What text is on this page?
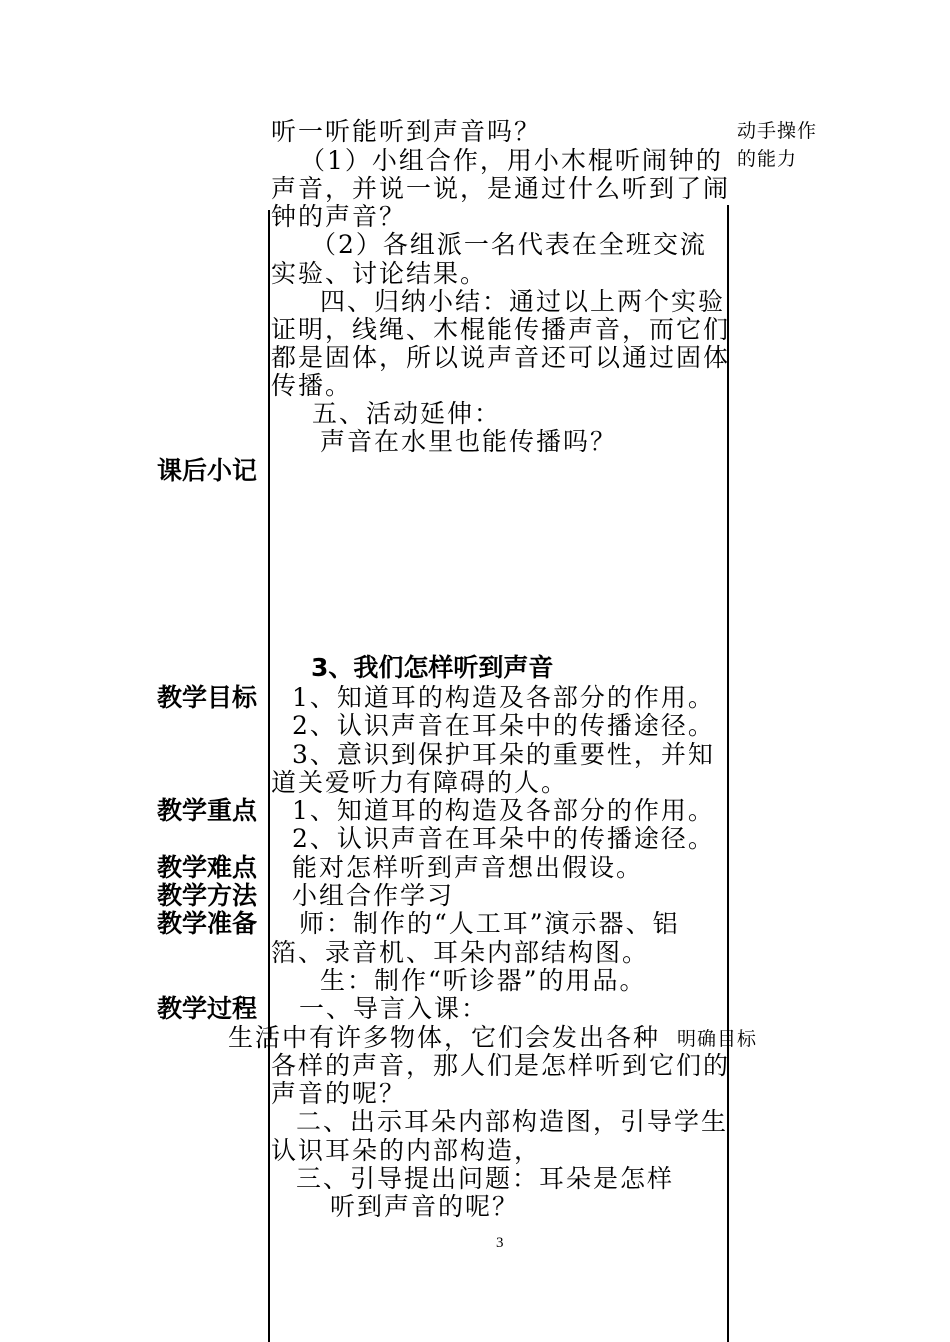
听一听能听到声音吗？
（1）小组合作，用小木棍听闹钟的
声音，并说一说，是通过什么听到了闹
钟的声音？
（2）各组派一名代表在全班交流
实验、讨论结果。
四、归纳小结：通过以上两个实验
证明，线绳、木棍能传播声音，而它们
都是固体，所以说声音还可以通过固体
传播。
五、活动延伸：
声音在水里也能传播吗？
动手操作
的能力
课后小记
3、我们怎样听到声音
教学目标 1、知道耳的构造及各部分的作用。
2、认识声音在耳朵中的传播途径。
3、意识到保护耳朵的重要性，并知
道关爱听力有障碍的人。
教学重点 1、知道耳的构造及各部分的作用。
2、认识声音在耳朵中的传播途径。
教学难点 能对怎样听到声音想出假设。
教学方法 小组合作学习
教学准备 师：制作的“人工耳”演示器、铝
箔、录音机、耳朵内部结构图。
生：制作“听诊器”的用品。
教学过程 一、导言入课：
生活中有许多物体，它们会发出各种 明确目标
各样的声音，那人们是怎样听到它们的
声音的呢？
二、出示耳朵内部构造图，引导学生
认识耳朵的内部构造，
三、引导提出问题：耳朵是怎样
听到声音的呢？
3
